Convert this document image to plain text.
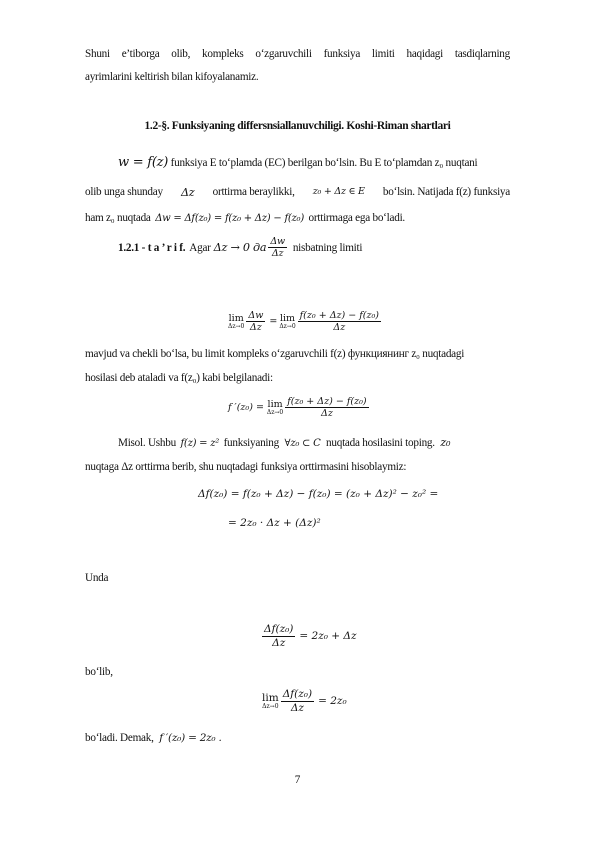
Shuni e’tiborga olib, kompleks o‘zgaruvchili funksiya limiti haqidagi tasdiqlarning
ayrimlarini keltirish bilan kifoyalanamiz.
1.2-§. Funksiyaning differsnsiallanuvchiligi. Koshi-Riman shartlari
w = f(z) funksiya E to‘plamda (EC) berilgan bo‘lsin. Bu E to‘plamdan z₀ nuqtani
olib unga shunday Δz orttirma beraylikki, z₀ + Δz ∈ E bo‘lsin. Natijada f(z) funksiya
ham z₀ nuqtada Δw = Δf(z₀) = f(z₀ + Δz) − f(z₀) orttirmaga ega bo‘ladi.
1.2.1 - t a ’ r i f. Agar Δz → 0 да $\frac{\Delta w}{\Delta z}$ nisbatning limiti
lim
$\Delta z\to 0 \frac{\Delta w}{\Delta z} = \lim$
$\Delta z\to 0 \frac{\text{f(z₀ + Δz) − f(z₀)}}{\Delta z}$
mavjud va chekli bo‘lsa, bu limit kompleks o‘zgaruvchili f(z) функциянинг z₀ nuqtadagi
hosilasi deb ataladi va f(z₀) kabi belgilanadi:
f ′(z₀) = lim
$\Delta z\to 0 \frac{\text{f(z₀ + Δz) − f(z₀)}}{\Delta z}$
Misol. Ushbu f(z) = z² funksiyaning ∀z₀ ⊂ C nuqtada hosilasini toping. z₀
nuqtaga Δz orttirma berib, shu nuqtadagi funksiya orttirmasini hisoblaymiz:
Δf(z₀) = f(z₀ + Δz) − f(z₀) = (z₀ + Δz)² − z₀² =
= 2z₀ · Δz + (Δz)²
Unda
$\frac{\text{Δf(z₀)}}{\Delta z} = 2z_0 + \Delta z$
bo‘lib,
lim
$\Delta z\to 0 \frac{\text{Δf(z₀)}}{\Delta z} = 2z_0$
bo‘ladi. Demak, f ′(z₀) = 2z₀ .
7
